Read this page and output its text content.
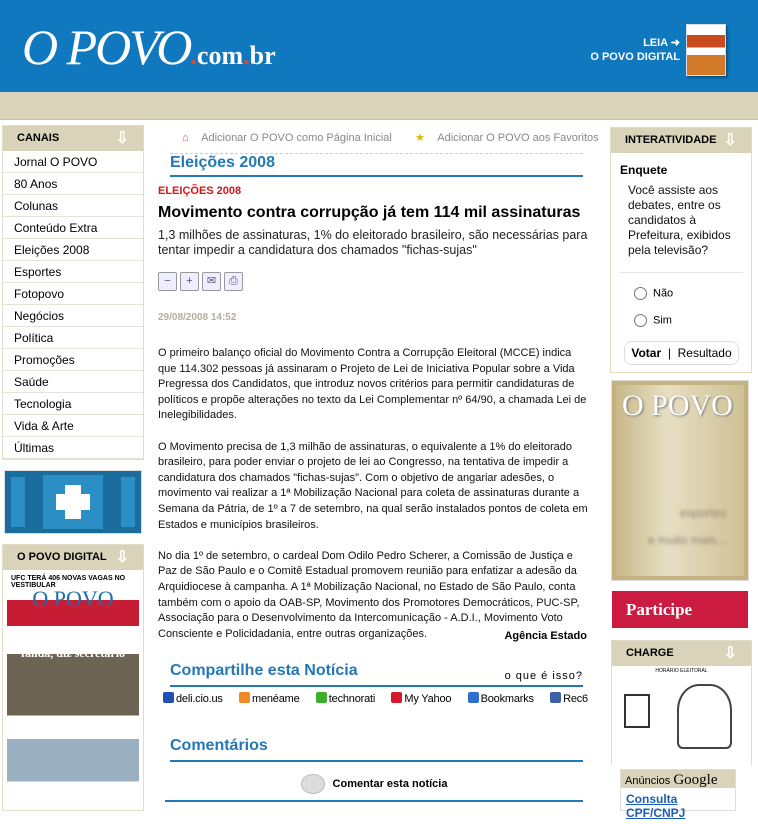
O POVO.com.br	LEIA ➜
O POVO DIGITAL
CANAIS	⇩
Jornal O POVO
80 Anos
Colunas
Conteúdo Extra
Eleições 2008
Esportes
Fotopovo
Negócios
Política
Promoções
Saúde
Tecnologia
Vida & Arte
Últimas
O POVO DIGITAL ⇩
UFC TERÁ 406 NOVAS VAGAS NO VESTIBULAR
O POVO
A Polícia Civil está falida, diz secretário
⌂ Adicionar O POVO como Página Inicial ★ Adicionar O POVO aos Favoritos
Eleições 2008
ELEIÇÕES 2008
Movimento contra corrupção já tem 114 mil assinaturas
1,3 milhões de assinaturas, 1% do eleitorado brasileiro, são necessárias para tentar impedir a candidatura dos chamados "fichas-sujas"
− + ✉ ⎙
29/08/2008 14:52

O primeiro balanço oficial do Movimento Contra a Corrupção Eleitoral (MCCE) indica que 114.302 pessoas já assinaram o Projeto de Lei de Iniciativa Popular sobre a Vida Pregressa dos Candidatos, que introduz novos critérios para permitir candidaturas de políticos e propõe alterações no texto da Lei Complementar nº 64/90, a chamada Lei de Inelegibilidades.

O Movimento precisa de 1,3 milhão de assinaturas, o equivalente a 1% do eleitorado brasileiro, para poder enviar o projeto de lei ao Congresso, na tentativa de impedir a candidatura dos chamados "fichas-sujas". Com o objetivo de angariar adesões, o movimento vai realizar a 1ª Mobilização Nacional para coleta de assinaturas durante a Semana da Pátria, de 1º a 7 de setembro, na qual serão instalados pontos de coleta em Estados e municípios brasileiros.

No dia 1º de setembro, o cardeal Dom Odilo Pedro Scherer, a Comissão de Justiça e Paz de São Paulo e o Comitê Estadual promovem reunião para enfatizar a adesão da Arquidiocese à campanha. A 1ª Mobilização Nacional, no Estado de São Paulo, conta também com o apoio da OAB-SP, Movimento dos Promotores Democráticos, PUC-SP, Associação para o Desenvolvimento da Intercomunicação - A.D.I., Movimento Voto Consciente e Policidadania, entre outras organizações.	Agência Estado
Compartilhe esta Notícia	o que é isso?
deli.cio.us	menéame	technorati	My Yahoo	Bookmarks	Rec6
Comentários
Comentar esta notícia
INTERATIVIDADE ⇩
Enquete
Você assiste aos debates, entre os candidatos à Prefeitura, exibidos pela televisão?
Não
Sim
Votar | Resultado
O POVO
esportes
e muito mais...
Participe
CHARGE	⇩
HORÁRIO ELEITORAL
Anúncios Google
Consulta CPF/CNPJ
